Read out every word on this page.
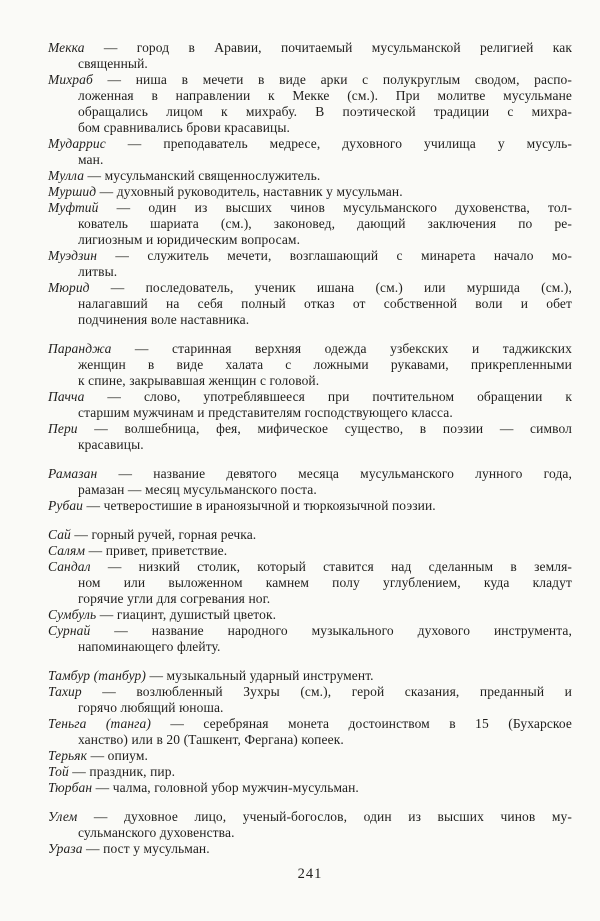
Мекка — город в Аравии, почитаемый мусульманской религией как
священный.
Михраб — ниша в мечети в виде арки с полукруглым сводом, распо-
ложенная в направлении к Мекке (см.). При молитве мусульмане
обращались лицом к михрабу. В поэтической традиции с михра-
бом сравнивались брови красавицы.
Мударрис — преподаватель медресе, духовного училища у мусуль-
ман.
Мулла — мусульманский священнослужитель.
Муршид — духовный руководитель, наставник у мусульман.
Муфтий — один из высших чинов мусульманского духовенства, тол-
кователь шариата (см.), законовед, дающий заключения по ре-
лигиозным и юридическим вопросам.
Муэдзин — служитель мечети, возглашающий с минарета начало мо-
литвы.
Мюрид — последователь, ученик ишана (см.) или муршида (см.),
налагавший на себя полный отказ от собственной воли и обет
подчинения воле наставника.
Паранджа — старинная верхняя одежда узбекских и таджикских
женщин в виде халата с ложными рукавами, прикрепленными
к спине, закрывавшая женщин с головой.
Пачча — слово, употреблявшееся при почтительном обращении к
старшим мужчинам и представителям господствующего класса.
Пери — волшебница, фея, мифическое существо, в поэзии — символ
красавицы.
Рамазан — название девятого месяца мусульманского лунного года,
рамазан — месяц мусульманского поста.
Рубаи — четверостишие в ираноязычной и тюркоязычной поэзии.
Сай — горный ручей, горная речка.
Салям — привет, приветствие.
Сандал — низкий столик, который ставится над сделанным в земля-
ном или выложенном камнем полу углублением, куда кладут
горячие угли для согревания ног.
Сумбуль — гиацинт, душистый цветок.
Сурнай — название народного музыкального духового инструмента,
напоминающего флейту.
Тамбур (танбур) — музыкальный ударный инструмент.
Тахир — возлюбленный Зухры (см.), герой сказания, преданный и
горячо любящий юноша.
Теньга (танга) — серебряная монета достоинством в 15 (Бухарское
ханство) или в 20 (Ташкент, Фергана) копеек.
Терьяк — опиум.
Той — праздник, пир.
Тюрбан — чалма, головной убор мужчин-мусульман.
Улем — духовное лицо, ученый-богослов, один из высших чинов му-
сульманского духовенства.
Ураза — пост у мусульман.
241
